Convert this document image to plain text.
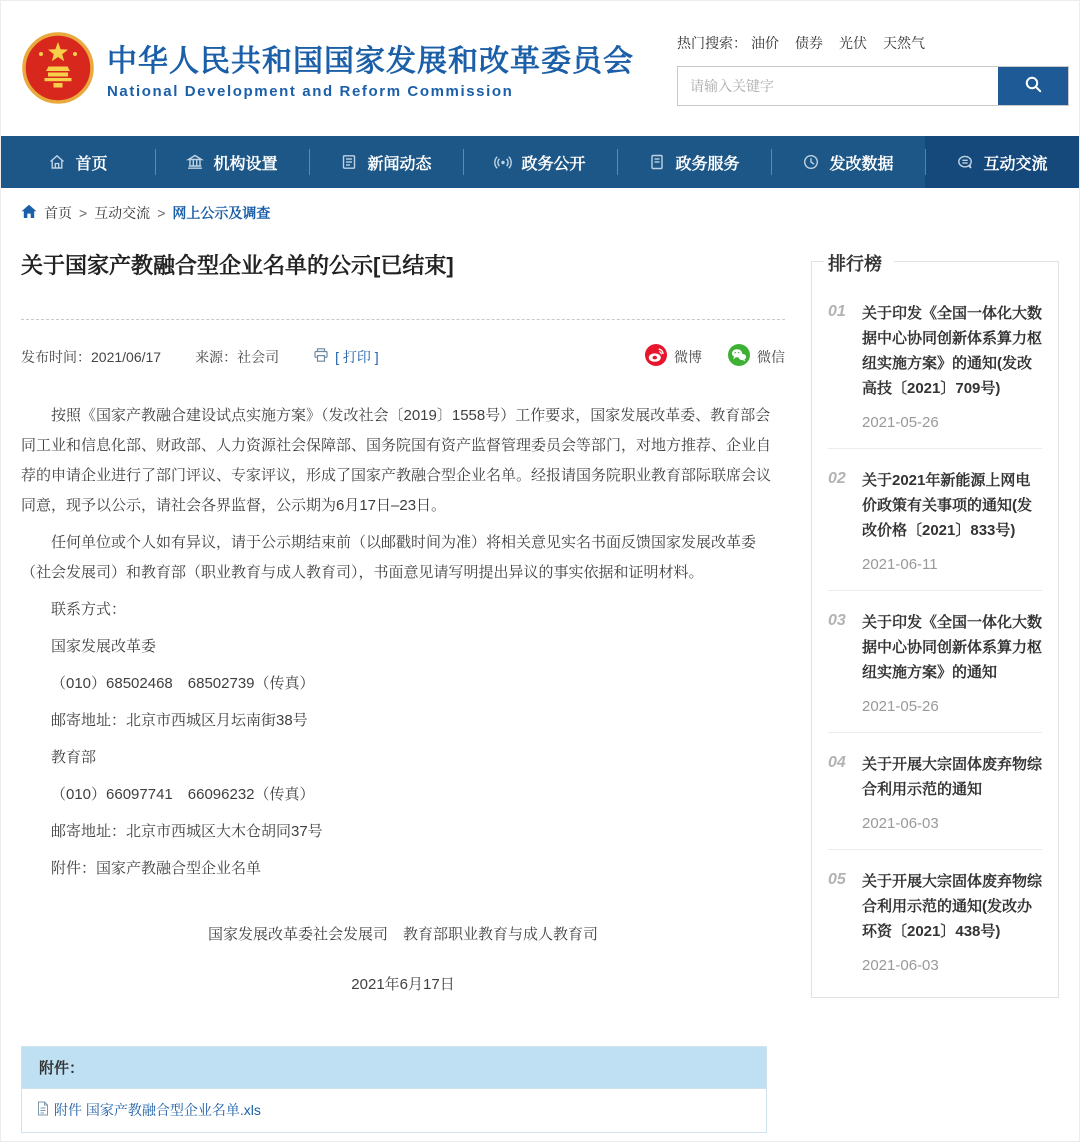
中华人民共和国国家发展和改革委员会
National Development and Reform Commission
热门搜索： 油价 债券 光伏 天然气
请输入关键字
首页	机构设置	新闻动态	政务公开	政务服务	发改数据	互动交流
首页 > 互动交流 > 网上公示及调查
关于国家产教融合型企业名单的公示[已结束]
发布时间： 2021/06/17 来源： 社会司	[ 打印 ]	微博	微信

按照《国家产教融合建设试点实施方案》（发改社会〔2019〕1558号）工作要求，国家发展改革委、教育部会同工业和信息化部、财政部、人力资源社会保障部、国务院国有资产监督管理委员会等部门，对地方推荐、企业自荐的申请企业进行了部门评议、专家评议，形成了国家产教融合型企业名单。经报请国务院职业教育部际联席会议同意，现予以公示，请社会各界监督，公示期为6月17日–23日。

任何单位或个人如有异议，请于公示期结束前（以邮戳时间为准）将相关意见实名书面反馈国家发展改革委（社会发展司）和教育部（职业教育与成人教育司），书面意见请写明提出异议的事实依据和证明材料。

联系方式：

国家发展改革委

（010）68502468　68502739（传真）

邮寄地址：北京市西城区月坛南街38号

教育部

（010）66097741　66096232（传真）

邮寄地址：北京市西城区大木仓胡同37号

附件：国家产教融合型企业名单

国家发展改革委社会发展司　教育部职业教育与成人教育司
2021年6月17日
附件：
附件 国家产教融合型企业名单.xls
排行榜
01 关于印发《全国一体化大数据中心协同创新体系算力枢纽实施方案》的通知(发改高技〔2021〕709号)
2021-05-26
02 关于2021年新能源上网电价政策有关事项的通知(发改价格〔2021〕833号)
2021-06-11
03 关于印发《全国一体化大数据中心协同创新体系算力枢纽实施方案》的通知
2021-05-26
04 关于开展大宗固体废弃物综合利用示范的通知
2021-06-03
05 关于开展大宗固体废弃物综合利用示范的通知(发改办环资〔2021〕438号)
2021-06-03
